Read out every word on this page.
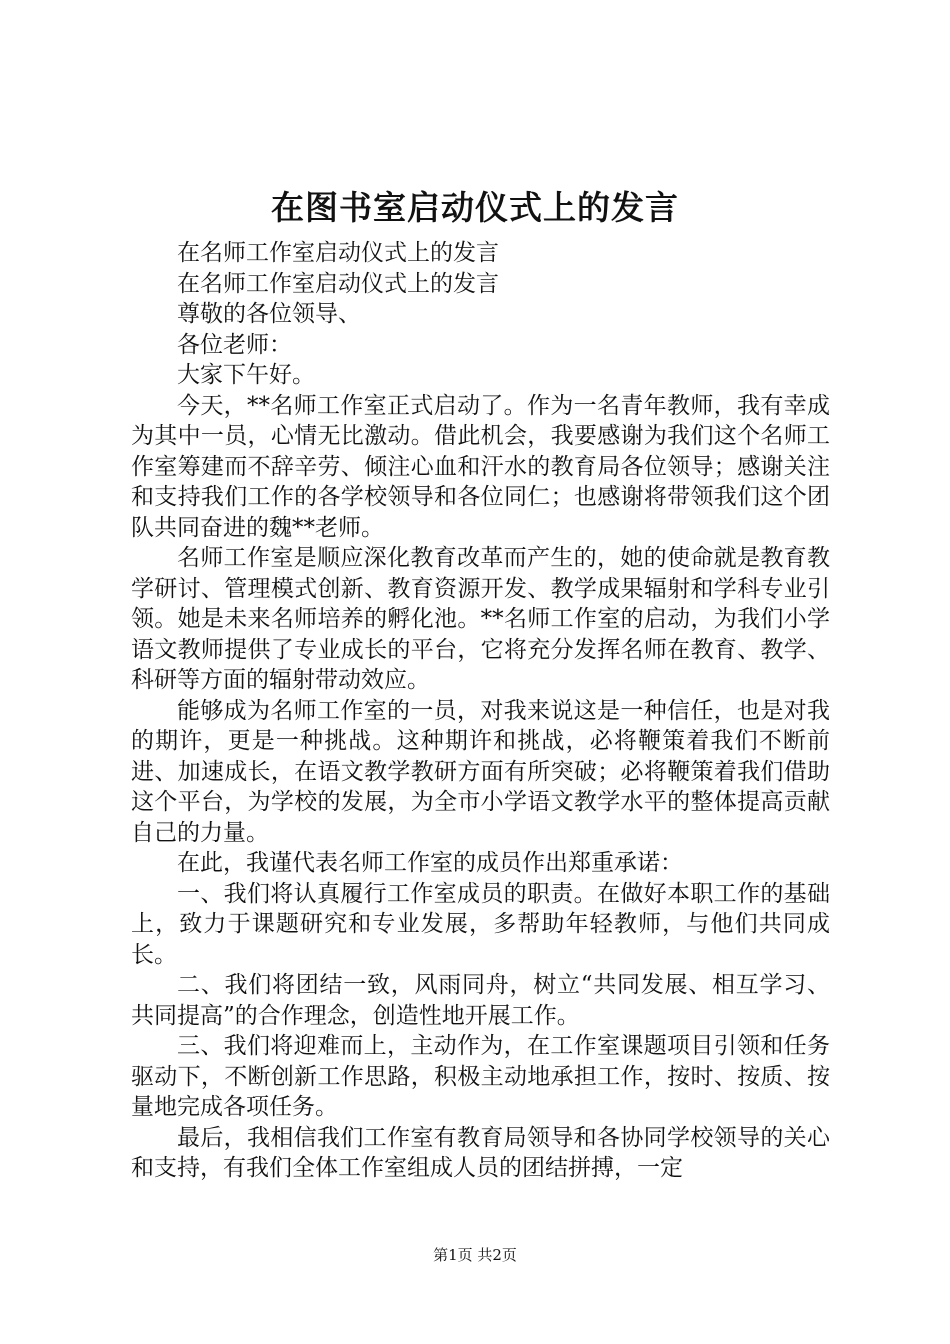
在图书室启动仪式上的发言

在名师工作室启动仪式上的发言

在名师工作室启动仪式上的发言

尊敬的各位领导、

各位老师：

大家下午好。

今天，**名师工作室正式启动了。作为一名青年教师，我有幸成为其中一员，心情无比激动。借此机会，我要感谢为我们这个名师工作室筹建而不辞辛劳、倾注心血和汗水的教育局各位领导；感谢关注和支持我们工作的各学校领导和各位同仁；也感谢将带领我们这个团队共同奋进的魏**老师。

名师工作室是顺应深化教育改革而产生的，她的使命就是教育教学研讨、管理模式创新、教育资源开发、教学成果辐射和学科专业引领。她是未来名师培养的孵化池。**名师工作室的启动，为我们小学语文教师提供了专业成长的平台，它将充分发挥名师在教育、教学、科研等方面的辐射带动效应。

能够成为名师工作室的一员，对我来说这是一种信任，也是对我的期许，更是一种挑战。这种期许和挑战，必将鞭策着我们不断前进、加速成长，在语文教学教研方面有所突破；必将鞭策着我们借助这个平台，为学校的发展，为全市小学语文教学水平的整体提高贡献自己的力量。

在此，我谨代表名师工作室的成员作出郑重承诺：

一、我们将认真履行工作室成员的职责。在做好本职工作的基础上，致力于课题研究和专业发展，多帮助年轻教师，与他们共同成长。

二、我们将团结一致，风雨同舟，树立“共同发展、相互学习、共同提高”的合作理念，创造性地开展工作。

三、我们将迎难而上，主动作为，在工作室课题项目引领和任务驱动下，不断创新工作思路，积极主动地承担工作，按时、按质、按量地完成各项任务。

最后，我相信我们工作室有教育局领导和各协同学校领导的关心和支持，有我们全体工作室组成人员的团结拼搏，一定

第1页 共2页
